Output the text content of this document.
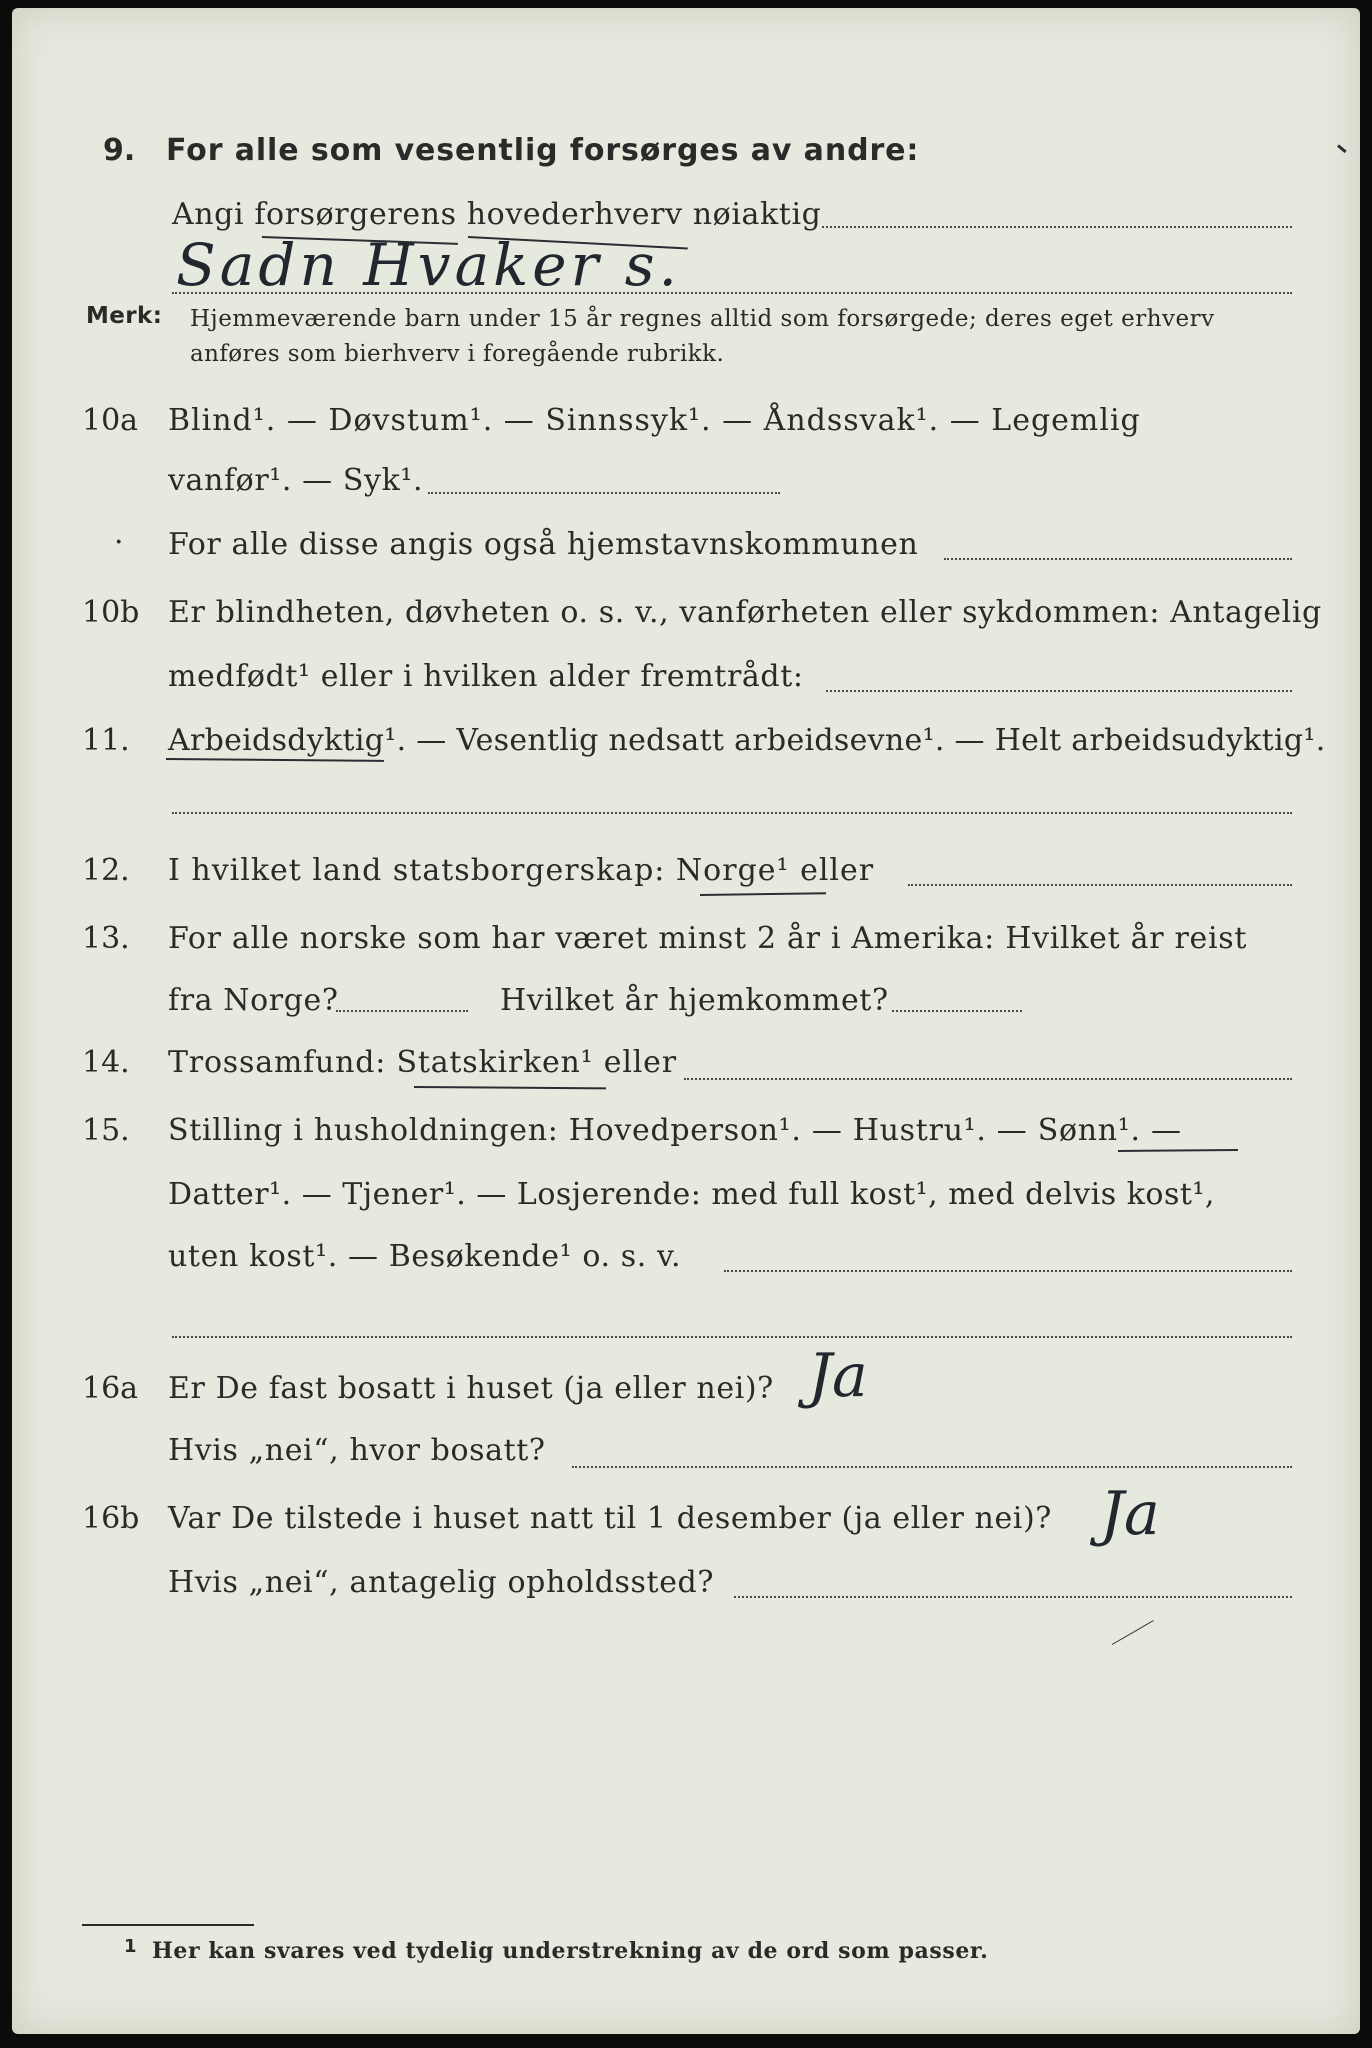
9. For alle som vesentlig forsørges av andre:
Angi forsørgerens hovederhverv nøiaktig
Sadn Hvaker s.
Merk: Hjemmeværende barn under 15 år regnes alltid som forsørgede; deres eget erhverv
anføres som bierhverv i foregående rubrikk.
10a Blind¹. — Døvstum¹. — Sinnssyk¹. — Åndssvak¹. — Legemlig
vanfør¹. — Syk¹.
· For alle disse angis også hjemstavnskommunen
10b Er blindheten, døvheten o. s. v., vanførheten eller sykdommen: Antagelig
medfødt¹ eller i hvilken alder fremtrådt:
11. Arbeidsdyktig¹. — Vesentlig nedsatt arbeidsevne¹. — Helt arbeidsudyktig¹.
12. I hvilket land statsborgerskap: Norge¹ eller
13. For alle norske som har været minst 2 år i Amerika: Hvilket år reist
fra Norge?	Hvilket år hjemkommet?
14. Trossamfund: Statskirken¹ eller
15. Stilling i husholdningen: Hovedperson¹. — Hustru¹. — Sønn¹. —
Datter¹. — Tjener¹. — Losjerende: med full kost¹, med delvis kost¹,
uten kost¹. — Besøkende¹ o. s. v.
16a Er De fast bosatt i huset (ja eller nei)? Ja
Hvis „nei“, hvor bosatt?
16b Var De tilstede i huset natt til 1 desember (ja eller nei)? Ja
Hvis „nei“, antagelig opholdssted?
1 Her kan svares ved tydelig understrekning av de ord som passer.
